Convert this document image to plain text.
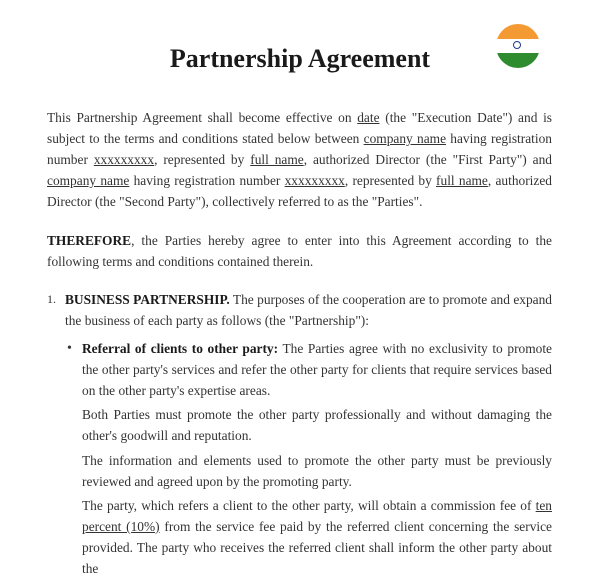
Partnership Agreement

This Partnership Agreement shall become effective on date (the "Execution Date") and is subject to the terms and conditions stated below between company name having registration number xxxxxxxxx, represented by full name, authorized Director (the "First Party") and company name having registration number xxxxxxxxx, represented by full name, authorized Director (the "Second Party"), collectively referred to as the "Parties".

THEREFORE, the Parties hereby agree to enter into this Agreement according to the following terms and conditions contained therein.

1. BUSINESS PARTNERSHIP. The purposes of the cooperation are to promote and expand the business of each party as follows (the "Partnership"):

• Referral of clients to other party: The Parties agree with no exclusivity to promote the other party's services and refer the other party for clients that require services based on the other party's expertise areas.

Both Parties must promote the other party professionally and without damaging the other's goodwill and reputation.

The information and elements used to promote the other party must be previously reviewed and agreed upon by the promoting party.

The party, which refers a client to the other party, will obtain a commission fee of ten percent (10%) from the service fee paid by the referred client concerning the service provided. The party who receives the referred client shall inform the other party about the
